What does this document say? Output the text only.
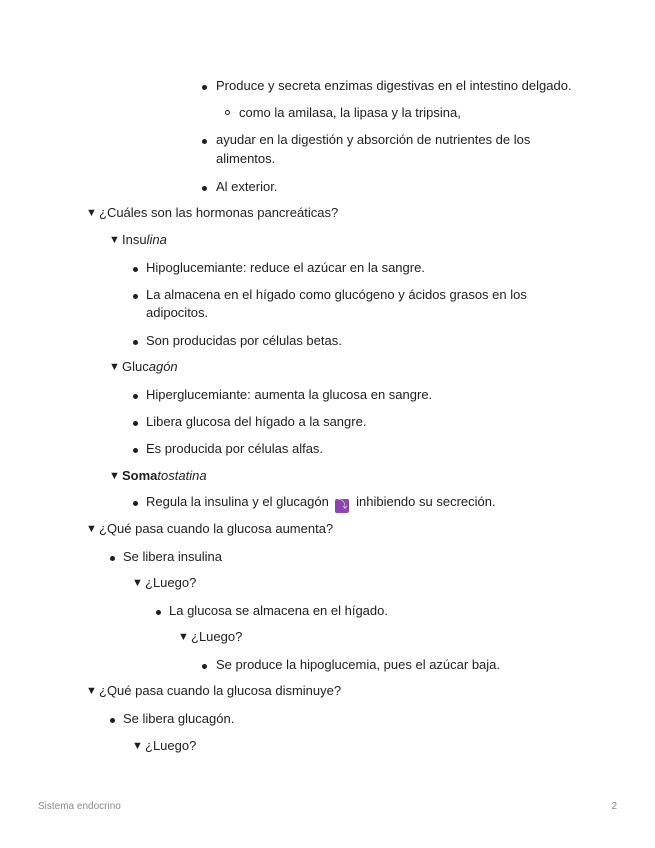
Produce y secreta enzimas digestivas en el intestino delgado.
como la amilasa, la lipasa y la tripsina,
ayudar en la digestión y absorción de nutrientes de los
alimentos.
Al exterior.
▼ ¿Cuáles son las hormonas pancreáticas?
▼ Insulina
Hipoglucemiante: reduce el azúcar en la sangre.
La almacena en el hígado como glucógeno y ácidos grasos en los
adipocitos.
Son producidas por células betas.
▼ Glucagón
Hiperglucemiante: aumenta la glucosa en sangre.
Libera glucosa del hígado a la sangre.
Es producida por células alfas.
▼ Somatostatina
Regula la insulina y el glucagón ⤵ inhibiendo su secreción.
▼ ¿Qué pasa cuando la glucosa aumenta?
Se libera insulina
▼ ¿Luego?
La glucosa se almacena en el hígado.
▼ ¿Luego?
Se produce la hipoglucemia, pues el azúcar baja.
▼ ¿Qué pasa cuando la glucosa disminuye?
Se libera glucagón.
▼ ¿Luego?
Sistema endocrino	2
